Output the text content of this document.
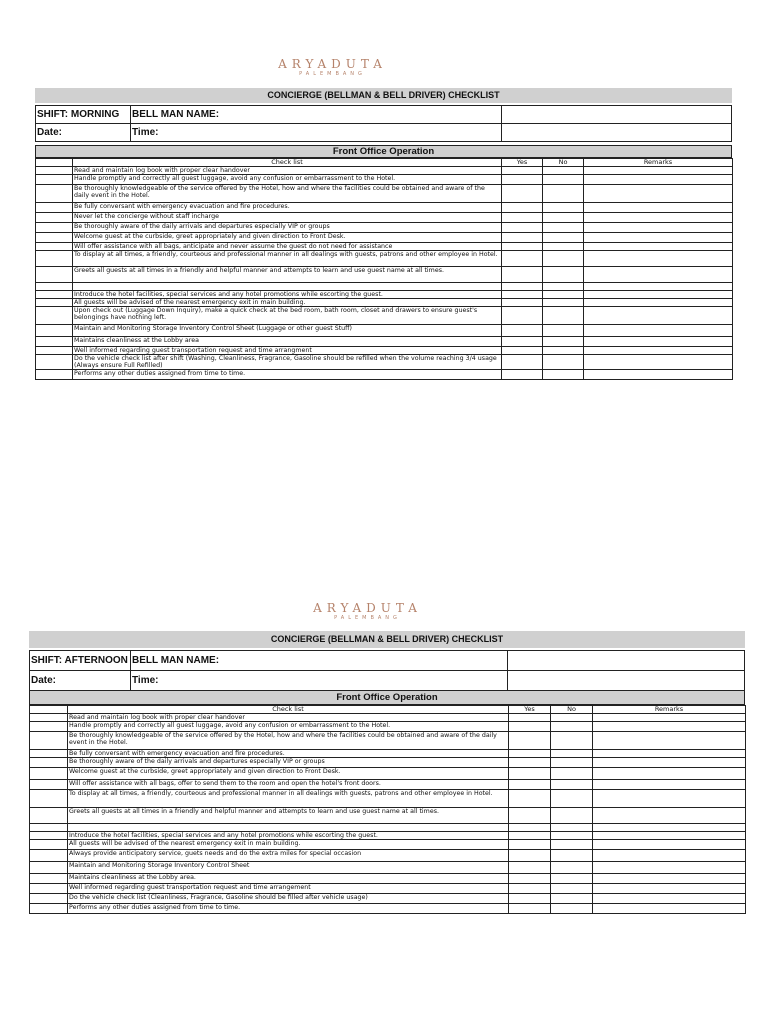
ARYADUTA
PALEMBANG
CONCIERGE (BELLMAN & BELL DRIVER) CHECKLIST
SHIFT: MORNING	BELL MAN NAME:	
Date:	Time:	
Front Office Operation
	Check list	Yes	No	Remarks
	Read and maintain log book with proper clear handover			
	Handle promptly and correctly all guest luggage, avoid any confusion or embarrassment to the Hotel.			
	Be thoroughly knowledgeable of the service offered by the Hotel, how and where the facilities could be obtained and aware of the daily event in the Hotel.			
	Be fully conversant with emergency evacuation and fire procedures.			
	Never let the concierge without staff incharge			
	Be thoroughly aware of the daily arrivals and departures especially VIP or groups			
	Welcome guest at the curbside, greet appropriately and given direction to Front Desk.			
	Will offer assistance with all bags, anticipate and never assume the guest do not need for assistance			
	To display at all times, a friendly, courteous and professional manner in all dealings with guests, patrons and other employee in Hotel.			
	Greets all guests at all times in a friendly and helpful manner and attempts to learn and use guest name at all times.			

	Introduce the hotel facilities, special services and any hotel promotions while escorting the guest.			
	All guests will be advised of the nearest emergency exit in main building.			
	Upon check out (Luggage Down Inquiry), make a quick check at the bed room, bath room, closet and drawers to ensure guest's belongings have nothing left.			
	Maintain and Monitoring Storage Inventory Control Sheet (Luggage or other guest Stuff)			
	Maintains cleanliness at the Lobby area			
	Well informed regarding guest transportation request and time arrangment			
	Do the vehicle check list after shift (Washing, Cleanliness, Fragrance, Gasoline should be refilled when the volume reaching 3/4 usage (Always ensure Full Refilled)			
	Performs any other duties assigned from time to time.			
ARYADUTA
PALEMBANG
CONCIERGE (BELLMAN & BELL DRIVER) CHECKLIST
SHIFT: AFTERNOON	BELL MAN NAME:	
Date:	Time:	
Front Office Operation
	Check list	Yes	No	Remarks
	Read and maintain log book with proper clear handover			
	Handle promptly and correctly all guest luggage, avoid any confusion or embarrassment to the Hotel.			
	Be thoroughly knowledgeable of the service offered by the Hotel, how and where the facilities could be obtained and aware of the daily event in the Hotel.			
	Be fully conversant with emergency evacuation and fire procedures.			
	Be thoroughly aware of the daily arrivals and departures especially VIP or groups			
	Welcome guest at the curbside, greet appropriately and given direction to Front Desk.			
	Will offer assistance with all bags, offer to send them to the room and open the hotel's front doors.			
	To display at all times, a friendly, courteous and professional manner in all dealings with guests, patrons and other employee in Hotel.			
	Greets all guests at all times in a friendly and helpful manner and attempts to learn and use guest name at all times.			

	Introduce the hotel facilities, special services and any hotel promotions while escorting the guest.			
	All guests will be advised of the nearest emergency exit in main building.			
	Always provide anticipatory service, guets needs and do the extra miles for special occasion			
	Maintain and Monitoring Storage Inventory Control Sheet			
	Maintains cleanliness at the Lobby area.			
	Well informed regarding guest transportation request and time arrangement			
	Do the vehicle check list (Cleanliness, Fragrance, Gasoline should be filled after vehicle usage)			
	Performs any other duties assigned from time to time.			
